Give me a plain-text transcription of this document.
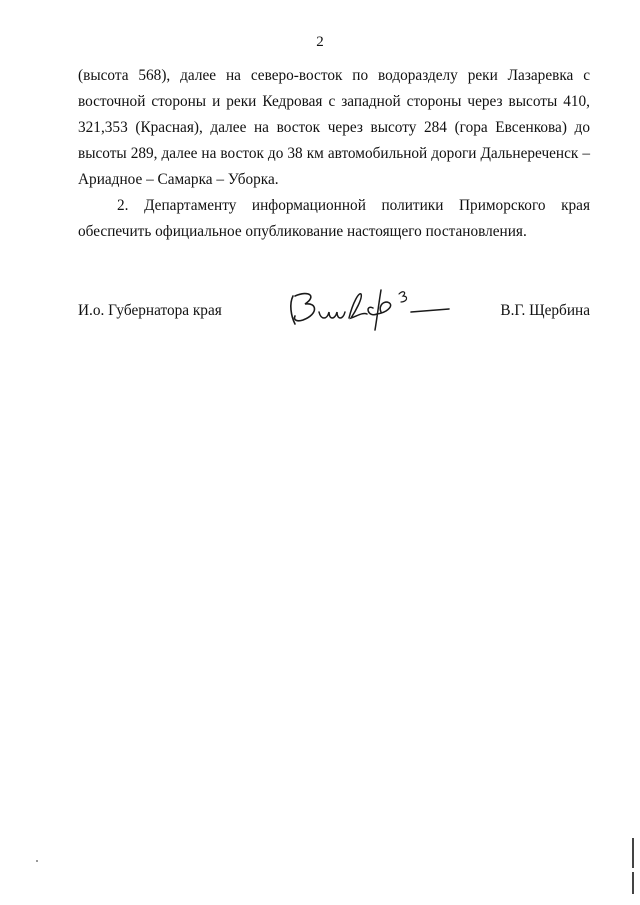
2
(высота 568), далее на северо-восток по водоразделу реки Лазаревка с
восточной стороны и реки Кедровая с западной стороны через высоты 410,
321,353 (Красная), далее на восток через высоту 284 (гора Евсенкова) до
высоты 289, далее на восток до 38 км автомобильной дороги Дальнереченск –
Ариадное – Самарка – Уборка.
2. Департаменту информационной политики Приморского края
обеспечить официальное опубликование настоящего постановления.
И.о. Губернатора края	В.Г. Щербина
